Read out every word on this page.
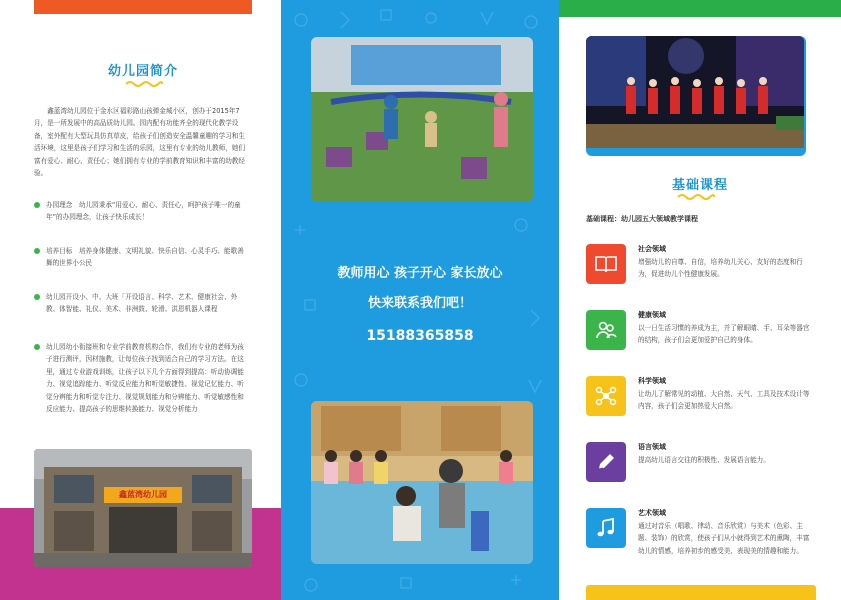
幼儿园简介
鑫蓝湾幼儿园位于金水区福彩路山孩弹金城小区，创办于2015年7月，是一所发展中的高品质幼儿园。园内配有功能齐全的现代化教学设备，室外配有大型玩具仿真草皮，给孩子们创造安全温馨童趣的学习和生活环境，这里是孩子们学习和生活的乐园，这里有专业的幼儿教师，她们富有爱心、耐心、责任心；她们拥有专业的学前教育知识和丰富的幼教经验。
办园理念　幼儿园秉承“用爱心、耐心、责任心，呵护孩子唯一的童年”的办园理念，让孩子快乐成长！
培养目标　培养身体健康、文明礼貌、快乐自信、心灵手巧、能歌善舞的世界小公民
幼儿园开设小、中、大班「开设语言、科学、艺术、健康社会、外教、体智能、礼仪、美术、非洲鼓、轮滑、洪恩机器人课程
幼儿园幼小衔接班和专业学前教育机构合作，我们有专业的老师为孩子进行测评，因材施教，让每位孩子找到适合自己的学习方法。在这里，通过专业游戏训练，让孩子以下几个方面得到提高：听动协调能力、视觉追踪能力、听觉反应能力和听觉敏捷性、视觉记忆能力、听觉分辨能力和听觉专注力、视觉规划能力和分辨能力、听觉敏感性和反应能力、提高孩子的思维转换能力、视觉分析能力
鑫蓝湾幼儿园
教师用心 孩子开心 家长放心
快来联系我们吧！
15188365858
基础课程
基础课程：幼儿园五大领域教学课程
社会领域
增强幼儿的自尊、自信，培养幼儿关心、友好的态度和行为，促进幼儿个性健康发展。
健康领域
以一日生活习惯的养成为主，并了解眼睛、手、耳朵等器官的结构，孩子们会更加爱护自己的身体。
科学领域
让幼儿了解常见的动植、大自然、天气、工具及技术设计等内容，孩子们会更加热爱大自然。
语言领域
提高幼儿语言交往的积极性、发展语言能力。
艺术领域
通过对音乐（唱歌、律动、音乐欣赏）与美术（色彩、主题、装饰）的欣赏，使孩子们从小就得到艺术的熏陶，丰富幼儿的情感，培养初步的感受美、表现美的情趣和能力。
